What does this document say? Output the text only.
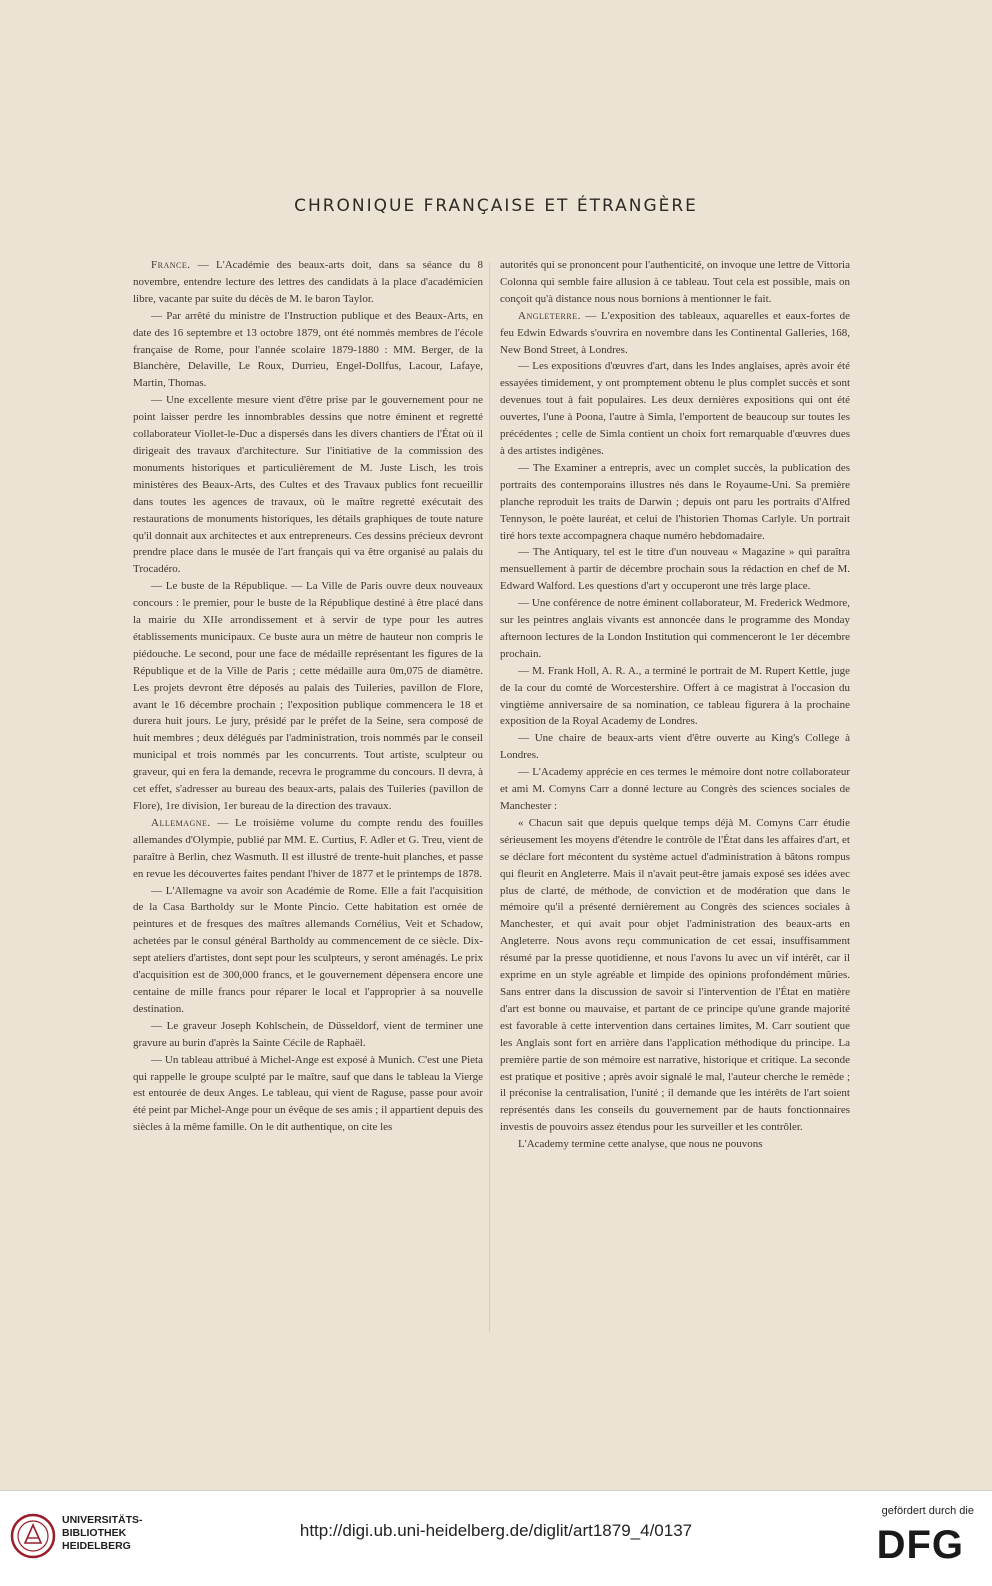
CHRONIQUE FRANÇAISE ET ÉTRANGÈRE

France. — L'Académie des beaux-arts doit, dans sa séance du 8 novembre, entendre lecture des lettres des candidats à la place d'académicien libre, vacante par suite du décès de M. le baron Taylor.

— Par arrêté du ministre de l'Instruction publique et des Beaux-Arts, en date des 16 septembre et 13 octobre 1879, ont été nommés membres de l'école française de Rome, pour l'année scolaire 1879-1880 : MM. Berger, de la Blanchère, Delaville, Le Roux, Durrieu, Engel-Dollfus, Lacour, Lafaye, Martin, Thomas.

— Une excellente mesure vient d'être prise par le gouvernement pour ne point laisser perdre les innombrables dessins que notre éminent et regretté collaborateur Viollet-le-Duc a dispersés dans les divers chantiers de l'État où il dirigeait des travaux d'architecture. Sur l'initiative de la commission des monuments historiques et particulièrement de M. Juste Lisch, les trois ministères des Beaux-Arts, des Cultes et des Travaux publics font recueillir dans toutes les agences de travaux, où le maître regretté exécutait des restaurations de monuments historiques, les détails graphiques de toute nature qu'il donnait aux architectes et aux entrepreneurs. Ces dessins précieux devront prendre place dans le musée de l'art français qui va être organisé au palais du Trocadéro.

— Le buste de la République. — La Ville de Paris ouvre deux nouveaux concours : le premier, pour le buste de la République destiné à être placé dans la mairie du XIIe arrondissement et à servir de type pour les autres établissements municipaux. Ce buste aura un mètre de hauteur non compris le piédouche. Le second, pour une face de médaille représentant les figures de la République et de la Ville de Paris ; cette médaille aura 0m,075 de diamètre. Les projets devront être déposés au palais des Tuileries, pavillon de Flore, avant le 16 décembre prochain ; l'exposition publique commencera le 18 et durera huit jours. Le jury, présidé par le préfet de la Seine, sera composé de huit membres ; deux délégués par l'administration, trois nommés par le conseil municipal et trois nommés par les concurrents. Tout artiste, sculpteur ou graveur, qui en fera la demande, recevra le programme du concours. Il devra, à cet effet, s'adresser au bureau des beaux-arts, palais des Tuileries (pavillon de Flore), 1re division, 1er bureau de la direction des travaux.

Allemagne. — Le troisième volume du compte rendu des fouilles allemandes d'Olympie, publié par MM. E. Curtius, F. Adler et G. Treu, vient de paraître à Berlin, chez Wasmuth. Il est illustré de trente-huit planches, et passe en revue les découvertes faites pendant l'hiver de 1877 et le printemps de 1878.

— L'Allemagne va avoir son Académie de Rome. Elle a fait l'acquisition de la Casa Bartholdy sur le Monte Pincio. Cette habitation est ornée de peintures et de fresques des maîtres allemands Cornélius, Veit et Schadow, achetées par le consul général Bartholdy au commencement de ce siècle. Dix-sept ateliers d'artistes, dont sept pour les sculpteurs, y seront aménagés. Le prix d'acquisition est de 300,000 francs, et le gouvernement dépensera encore une centaine de mille francs pour réparer le local et l'approprier à sa nouvelle destination.

— Le graveur Joseph Kohlschein, de Düsseldorf, vient de terminer une gravure au burin d'après la Sainte Cécile de Raphaël.

— Un tableau attribué à Michel-Ange est exposé à Munich. C'est une Pieta qui rappelle le groupe sculpté par le maître, sauf que dans le tableau la Vierge est entourée de deux Anges. Le tableau, qui vient de Raguse, passe pour avoir été peint par Michel-Ange pour un évêque de ses amis ; il appartient depuis des siècles à la même famille. On le dit authentique, on cite les

autorités qui se prononcent pour l'authenticité, on invoque une lettre de Vittoria Colonna qui semble faire allusion à ce tableau. Tout cela est possible, mais on conçoit qu'à distance nous nous bornions à mentionner le fait.

Angleterre. — L'exposition des tableaux, aquarelles et eaux-fortes de feu Edwin Edwards s'ouvrira en novembre dans les Continental Galleries, 168, New Bond Street, à Londres.

— Les expositions d'œuvres d'art, dans les Indes anglaises, après avoir été essayées timidement, y ont promptement obtenu le plus complet succès et sont devenues tout à fait populaires. Les deux dernières expositions qui ont été ouvertes, l'une à Poona, l'autre à Simla, l'emportent de beaucoup sur toutes les précédentes ; celle de Simla contient un choix fort remarquable d'œuvres dues à des artistes indigènes.

— The Examiner a entrepris, avec un complet succès, la publication des portraits des contemporains illustres nés dans le Royaume-Uni. Sa première planche reproduit les traits de Darwin ; depuis ont paru les portraits d'Alfred Tennyson, le poète lauréat, et celui de l'historien Thomas Carlyle. Un portrait tiré hors texte accompagnera chaque numéro hebdomadaire.

— The Antiquary, tel est le titre d'un nouveau « Magazine » qui paraîtra mensuellement à partir de décembre prochain sous la rédaction en chef de M. Edward Walford. Les questions d'art y occuperont une très large place.

— Une conférence de notre éminent collaborateur, M. Frederick Wedmore, sur les peintres anglais vivants est annoncée dans le programme des Monday afternoon lectures de la London Institution qui commenceront le 1er décembre prochain.

— M. Frank Holl, A. R. A., a terminé le portrait de M. Rupert Kettle, juge de la cour du comté de Worcestershire. Offert à ce magistrat à l'occasion du vingtième anniversaire de sa nomination, ce tableau figurera à la prochaine exposition de la Royal Academy de Londres.

— Une chaire de beaux-arts vient d'être ouverte au King's College à Londres.

— L'Academy apprécie en ces termes le mémoire dont notre collaborateur et ami M. Comyns Carr a donné lecture au Congrès des sciences sociales de Manchester :

« Chacun sait que depuis quelque temps déjà M. Comyns Carr étudie sérieusement les moyens d'étendre le contrôle de l'État dans les affaires d'art, et se déclare fort mécontent du système actuel d'administration à bâtons rompus qui fleurit en Angleterre. Mais il n'avait peut-être jamais exposé ses idées avec plus de clarté, de méthode, de conviction et de modération que dans le mémoire qu'il a présenté dernièrement au Congrès des sciences sociales à Manchester, et qui avait pour objet l'administration des beaux-arts en Angleterre. Nous avons reçu communication de cet essai, insuffisamment résumé par la presse quotidienne, et nous l'avons lu avec un vif intérêt, car il exprime en un style agréable et limpide des opinions profondément mûries. Sans entrer dans la discussion de savoir si l'intervention de l'État en matière d'art est bonne ou mauvaise, et partant de ce principe qu'une grande majorité est favorable à cette intervention dans certaines limites, M. Carr soutient que les Anglais sont fort en arrière dans l'application méthodique du principe. La première partie de son mémoire est narrative, historique et critique. La seconde est pratique et positive ; après avoir signalé le mal, l'auteur cherche le remède ; il préconise la centralisation, l'unité ; il demande que les intérêts de l'art soient représentés dans les conseils du gouvernement par de hauts fonctionnaires investis de pouvoirs assez étendus pour les surveiller et les contrôler.

L'Academy termine cette analyse, que nous ne pouvons

UNIVERSITÄTS-
BIBLIOTHEK
HEIDELBERG
http://digi.ub.uni-heidelberg.de/diglit/art1879_4/0137
gefördert durch die
DFG
